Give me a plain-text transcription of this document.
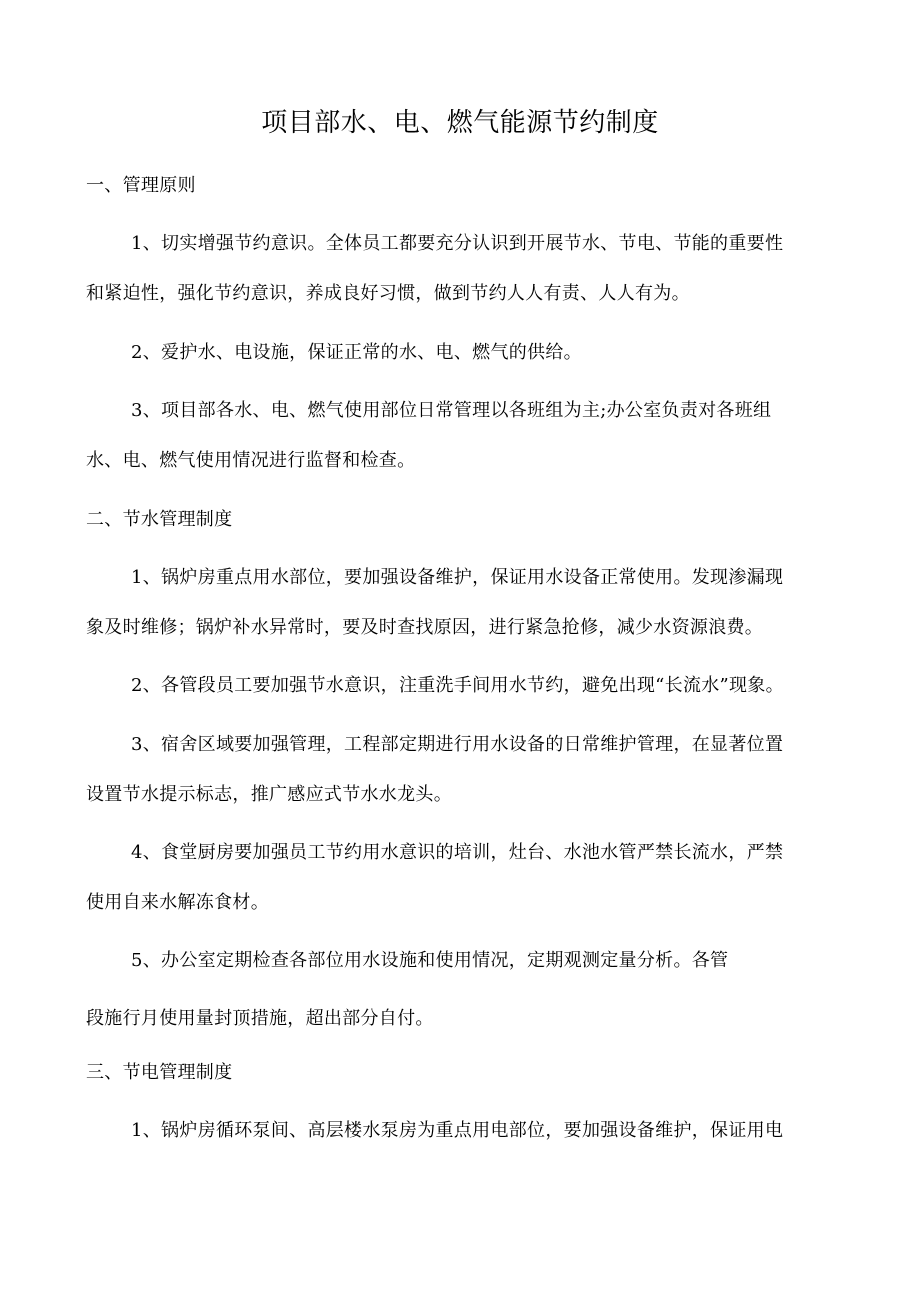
项目部水、电、燃气能源节约制度
一、管理原则
1、切实增强节约意识。全体员工都要充分认识到开展节水、节电、节能的重要性
和紧迫性，强化节约意识，养成良好习惯，做到节约人人有责、人人有为。
2、爱护水、电设施，保证正常的水、电、燃气的供给。
3、项目部各水、电、燃气使用部位日常管理以各班组为主;办公室负责对各班组
水、电、燃气使用情况进行监督和检查。
二、节水管理制度
1、锅炉房重点用水部位，要加强设备维护，保证用水设备正常使用。发现渗漏现
象及时维修；锅炉补水异常时，要及时查找原因，进行紧急抢修，减少水资源浪费。
2、各管段员工要加强节水意识，注重洗手间用水节约，避免出现“长流水”现象。
3、宿舍区域要加强管理，工程部定期进行用水设备的日常维护管理，在显著位置
设置节水提示标志，推广感应式节水水龙头。
4、食堂厨房要加强员工节约用水意识的培训，灶台、水池水管严禁长流水，严禁
使用自来水解冻食材。
5、办公室定期检查各部位用水设施和使用情况，定期观测定量分析。各管
段施行月使用量封顶措施，超出部分自付。
三、节电管理制度
1、锅炉房循环泵间、高层楼水泵房为重点用电部位，要加强设备维护，保证用电
